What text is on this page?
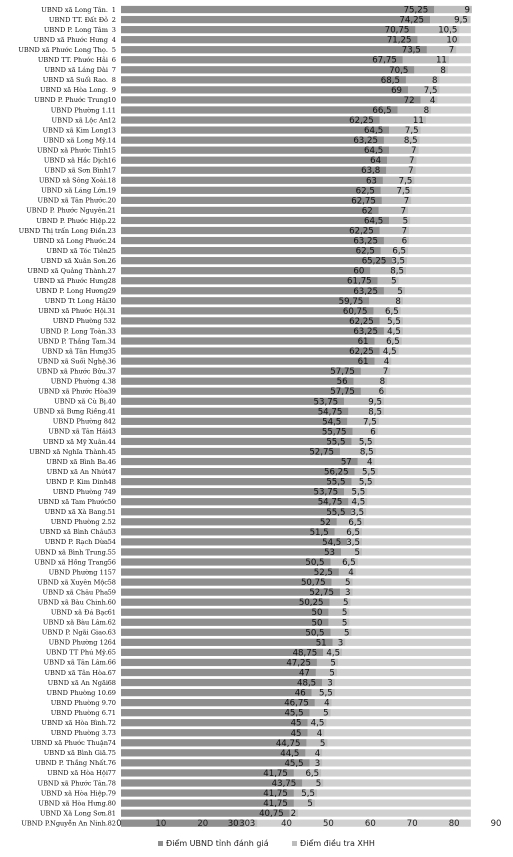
UBND xã Long Tân. 1
UBND TT. Đất Đỏ 2
UBND P. Long Tâm 3
UBND xã Phước Hưng 4
UBND xã Phước Long Thọ. 5
UBND TT. Phước Hải 6
UBND xã Láng Dài 7
UBND xã Suối Rao. 8
UBND xã Hòa Long. 9
UBND P. Phước Trung 10
UBND Phường 1. 11
UBND xã Lộc An 12
UBND xã Kim Long 13
UBND xã Long Mỹ. 14
UBND xã Phước Tỉnh 15
UBND xã Hắc Dịch 16
UBND xã Sơn Bình 17
UBND xã Sông Xoài. 18
UBND xã Láng Lớn. 19
UBND xã Tân Phước. 20
UBND P. Phước Nguyên. 21
UBND P. Phước Hiệp. 22
UBND Thị trấn Long Điền. 23
UBND xã Long Phước. 24
UBND xã Tóc Tiên 25
UBND xã Xuân Sơn. 26
UBND xã Quảng Thành. 27
UBND xã Phước Hưng 28
UBND P. Long Hương 29
UBND Tt Long Hải 30
UBND xã Phước Hội. 31
UBND Phường 5 32
UBND P. Long Toàn. 33
UBND P. Thắng Tam. 34
UBND xã Tân Hưng 35
UBND xã Suối Nghệ. 36
UBND xã Phước Bửu. 37
UBND Phường 4. 38
UBND xã Phước Hòa 39
UBND xã Cù Bị. 40
UBND xã Bưng Riềng. 41
UBND Phường 8 42
UBND xã Tân Hải 43
UBND xã Mỹ Xuân. 44
UBND xã Nghĩa Thành. 45
UBND xã Bình Ba. 46
UBND xã An Nhứt 47
UBND P. Kim Dinh 48
UBND Phường 7 49
UBND xã Tam Phước 50
UBND xã Xà Bang. 51
UBND Phường 2. 52
UBND xã Bình Châu 53
UBND P. Rạch Dừa 54
UBND xã Bình Trung. 55
UBND xã Hồng Trang 56
UBND Phường 11 57
UBND xã Xuyên Mộc 58
UBND xã Châu Pha 59
UBND xã Bàu Chinh. 60
UBND xã Đá Bạc 61
UBND xã Bàu Lâm. 62
UBND P. Ngãi Giao. 63
UBND Phường 12 64
UBND TT Phú Mỹ. 65
UBND xã Tân Lâm. 66
UBND xã Tân Hòa. 67
UBND xã An Ngãi 68
UBND Phường 10. 69
UBND Phường 9. 70
UBND Phường 6. 71
UBND xã Hòa Bình. 72
UBND Phường 3. 73
UBND xã Phước Thuận 74
UBND xã Bình Giã. 75
UBND P. Thắng Nhất. 76
UBND xã Hòa Hội 77
UBND xã Phước Tân. 78
UBND xã Hòa Hiệp. 79
UBND xã Hòa Hưng. 80
UBND Xã Long Sơn. 81
UBND P.Nguyễn An Ninh. 82
75,25	9
74,25	9,5
70,75	10,5
71,25	10
73,5	7
67,75	11
70,5	8
68,5	8
69	7,5
72 4
66,5	8
62,25	11
64,5	7,5
63,25	8,5
64,5	7
64	7
63,8	7
63	7,5
62,5	7,5
62,75	7
62	7
64,5 5
62,25	7
63,25	6
62,5 6,5
65,25 3,5
60	8,5
61,75 5
63,25 5
59,75	8
60,75 6,5
62,25 5,5
63,25 4,5
61 6,5
62,25 4,5
61 4
57,75	7
56	8
57,75	6
53,75	9,5
54,75	8,5
54,5	7,5
55,75	6
55,5 5,5
52,75	8,5
57 4
56,25 5,5
55,5 5,5
53,75 5,5
54,75 4,5
55,5 3,5
52 6,5
51,5 6,5
54,5 3,5
53 5
50,5 6,5
52,5 4
50,75 5
52,75 3
50,25 5
50 5
50 5
50,5 5
51 3
48,75 4,5
47,25 5
47 5
48,5 3
46 5,5
46,75 4
45,5 5
45 4,5
45 4
44,75 5
44,5 4
45,5 3
41,75 6,5
43,75 5
41,75 5,5
41,75 5
40,75 2
30 3
0	10	20	30	40	50	60	70	80	90
Điểm UBND tỉnh đánh giá	Điểm điều tra XHH
